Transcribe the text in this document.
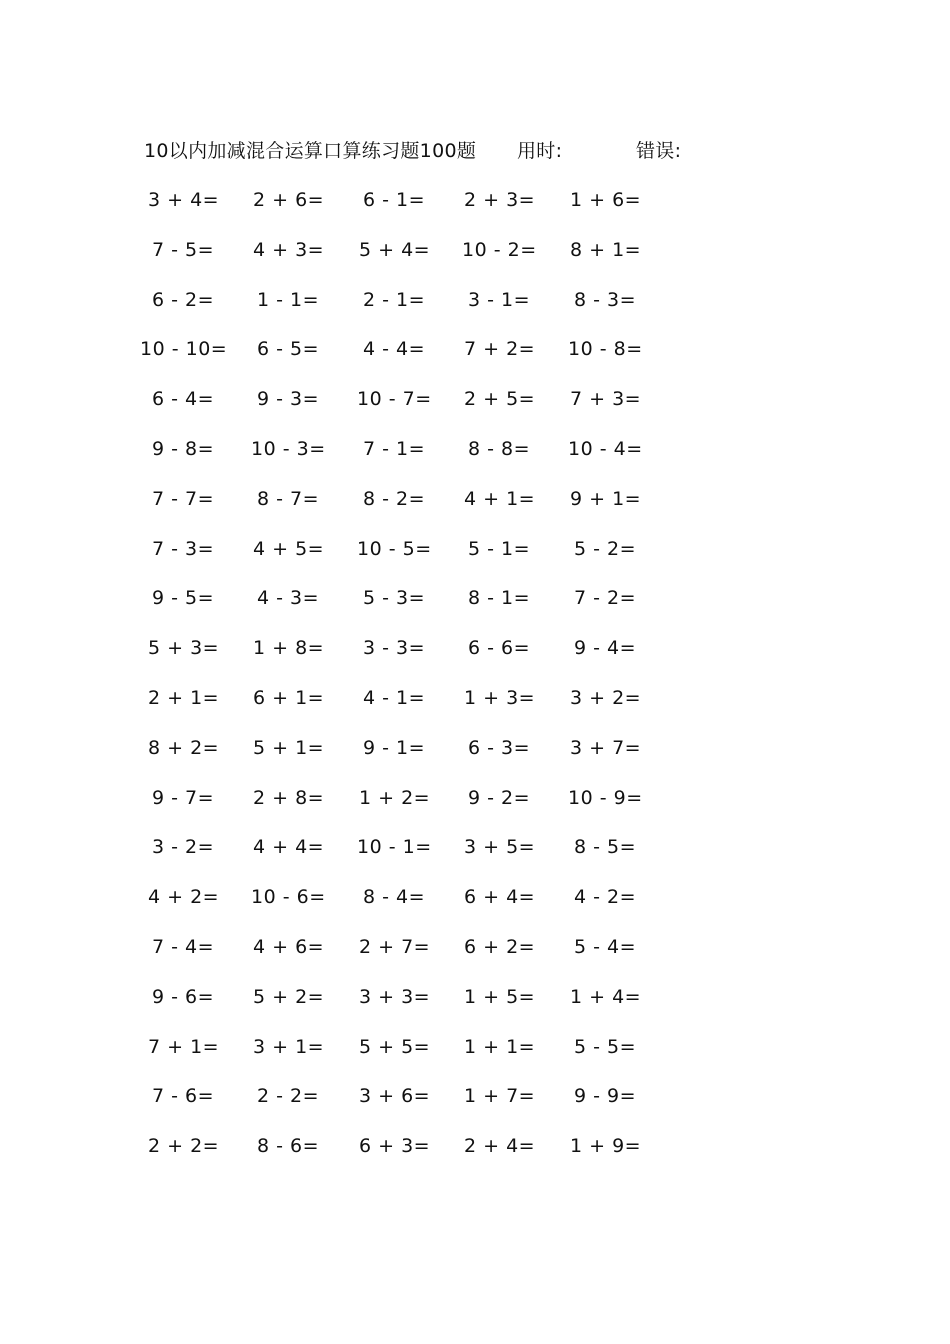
10以内加减混合运算口算练习题100题 用时:	错误:
3 + 4= 2 + 6= 6 - 1= 2 + 3= 1 + 6=
7 - 5= 4 + 3= 5 + 4= 10 - 2= 8 + 1=
6 - 2= 1 - 1= 2 - 1= 3 - 1= 8 - 3=
10 - 10= 6 - 5= 4 - 4= 7 + 2= 10 - 8=
6 - 4= 9 - 3= 10 - 7= 2 + 5= 7 + 3=
9 - 8= 10 - 3= 7 - 1= 8 - 8= 10 - 4=
7 - 7= 8 - 7= 8 - 2= 4 + 1= 9 + 1=
7 - 3= 4 + 5= 10 - 5= 5 - 1= 5 - 2=
9 - 5= 4 - 3= 5 - 3= 8 - 1= 7 - 2=
5 + 3= 1 + 8= 3 - 3= 6 - 6= 9 - 4=
2 + 1= 6 + 1= 4 - 1= 1 + 3= 3 + 2=
8 + 2= 5 + 1= 9 - 1= 6 - 3= 3 + 7=
9 - 7= 2 + 8= 1 + 2= 9 - 2= 10 - 9=
3 - 2= 4 + 4= 10 - 1= 3 + 5= 8 - 5=
4 + 2= 10 - 6= 8 - 4= 6 + 4= 4 - 2=
7 - 4= 4 + 6= 2 + 7= 6 + 2= 5 - 4=
9 - 6= 5 + 2= 3 + 3= 1 + 5= 1 + 4=
7 + 1= 3 + 1= 5 + 5= 1 + 1= 5 - 5=
7 - 6= 2 - 2= 3 + 6= 1 + 7= 9 - 9=
2 + 2= 8 - 6= 6 + 3= 2 + 4= 1 + 9=
